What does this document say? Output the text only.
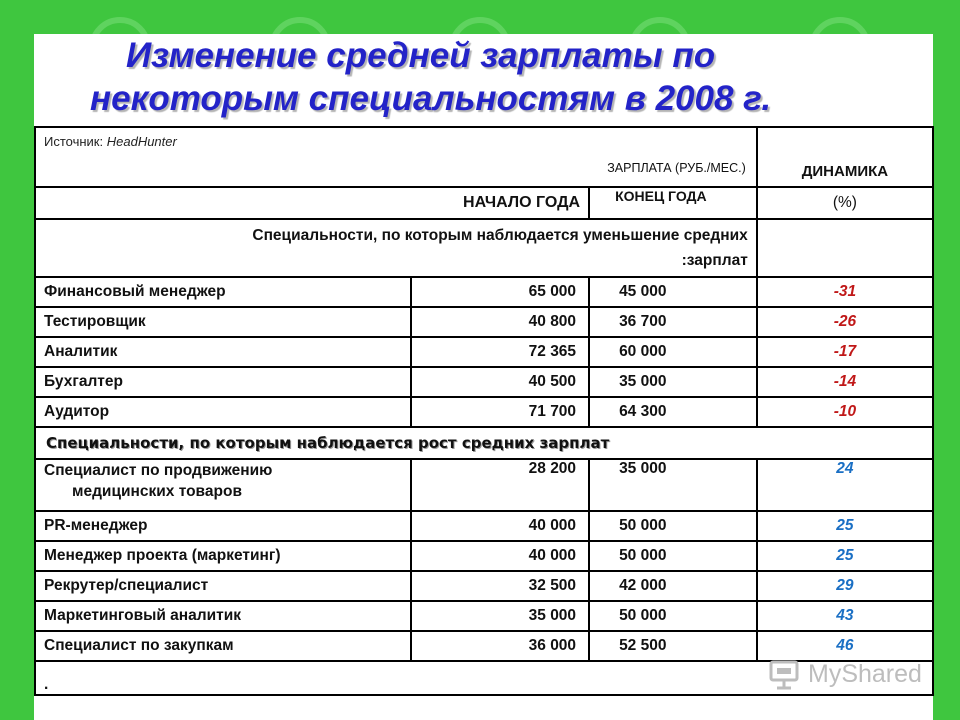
Изменение средней зарплаты по

некоторым специальностям в 2008 г.

Источник: HeadHunter
ЗАРПЛАТА (РУБ./МЕС.)			ДИНАМИКА
НАЧАЛО ГОДА		КОНЕЦ ГОДА	(%)

Специальности, по которым наблюдается уменьшение средних
:зарплат			

Финансовый менеджер	65 000	45 000	-31
Тестировщик	40 800	36 700	-26
Аналитик	72 365	60 000	-17
Бухгалтер	40 500	35 000	-14
Аудитор	71 700	64 300	-10
Специальности, по которым наблюдается рост средних зарплат			
Специалист по продвижению
медицинских товаров	28 200	35 000	24
PR-менеджер	40 000	50 000	25
Менеджер проекта (маркетинг)	40 000	50 000	25
Рекрутер/специалист	32 500	42 000	29
Маркетинговый аналитик	35 000	50 000	43
Специалист по закупкам	36 000	52 500	46
.				MyShared
